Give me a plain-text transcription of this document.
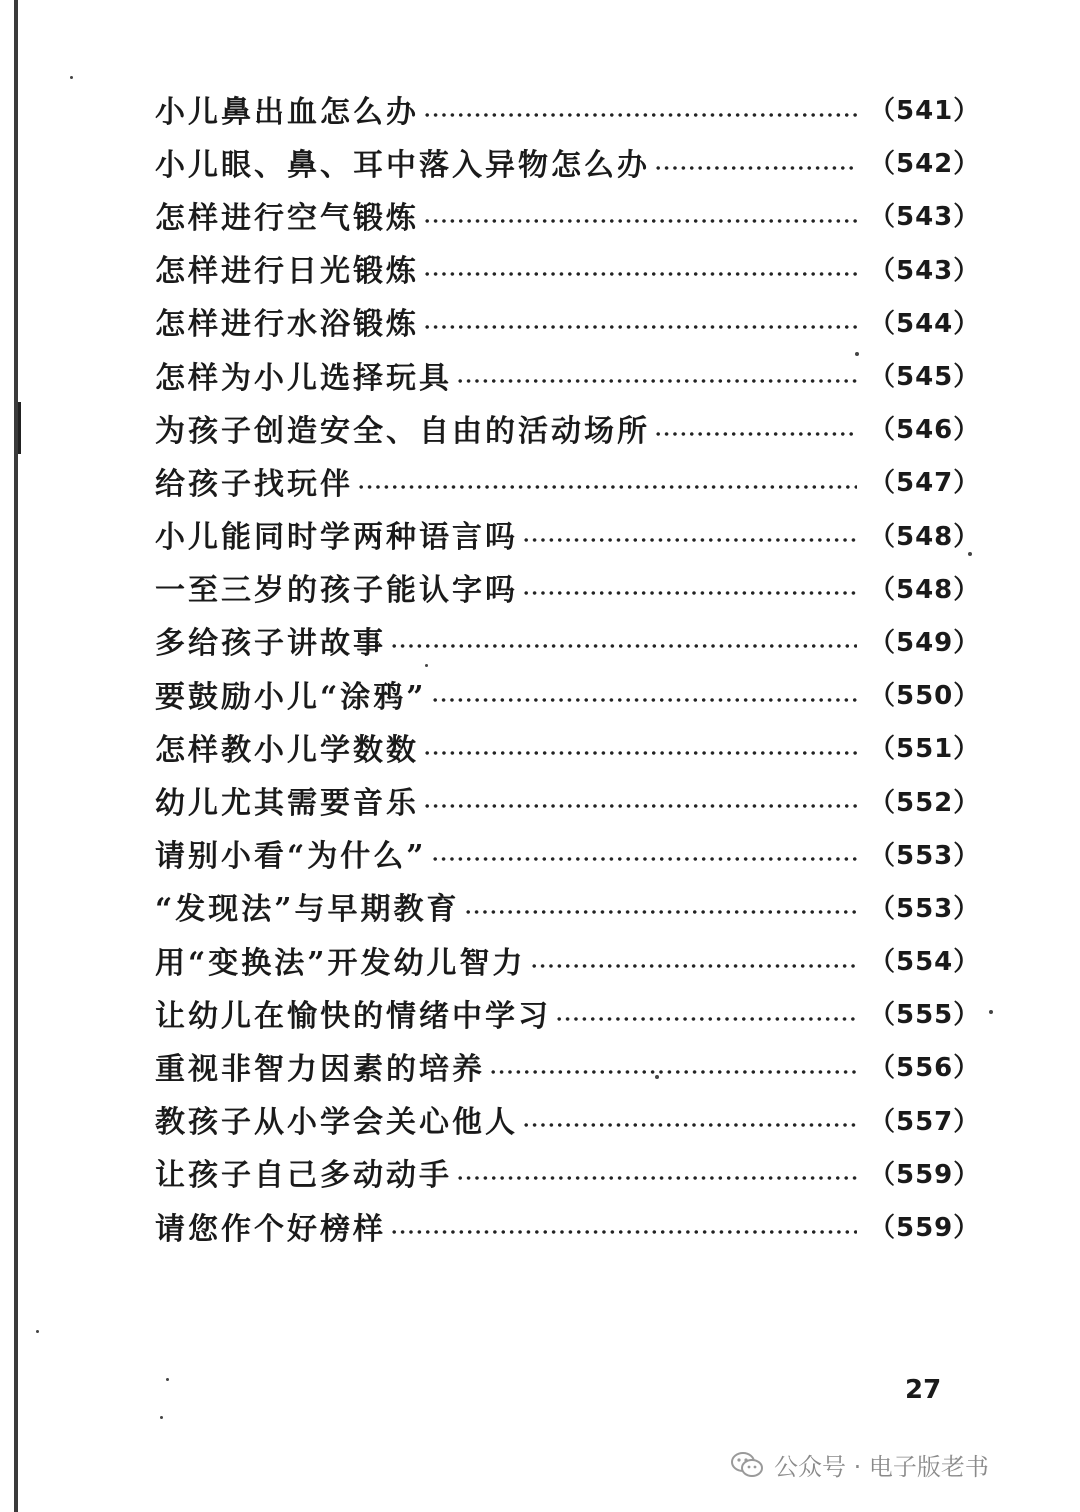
小儿鼻出血怎么办	（541）
小儿眼、鼻、耳中落入异物怎么办	（542）
怎样进行空气锻炼	（543）
怎样进行日光锻炼	（543）
怎样进行水浴锻炼	（544）
怎样为小儿选择玩具	（545）
为孩子创造安全、自由的活动场所	（546）
给孩子找玩伴	（547）
小儿能同时学两种语言吗	（548）
一至三岁的孩子能认字吗	（548）
多给孩子讲故事	（549）
要鼓励小儿“涂鸦”	（550）
怎样教小儿学数数	（551）
幼儿尤其需要音乐	（552）
请别小看“为什么”	（553）
“发现法”与早期教育	（553）
用“变换法”开发幼儿智力	（554）
让幼儿在愉快的情绪中学习	（555）
重视非智力因素的培养	（556）
教孩子从小学会关心他人	（557）
让孩子自己多动动手	（559）
请您作个好榜样	（559）
27
公众号 · 电子版老书
